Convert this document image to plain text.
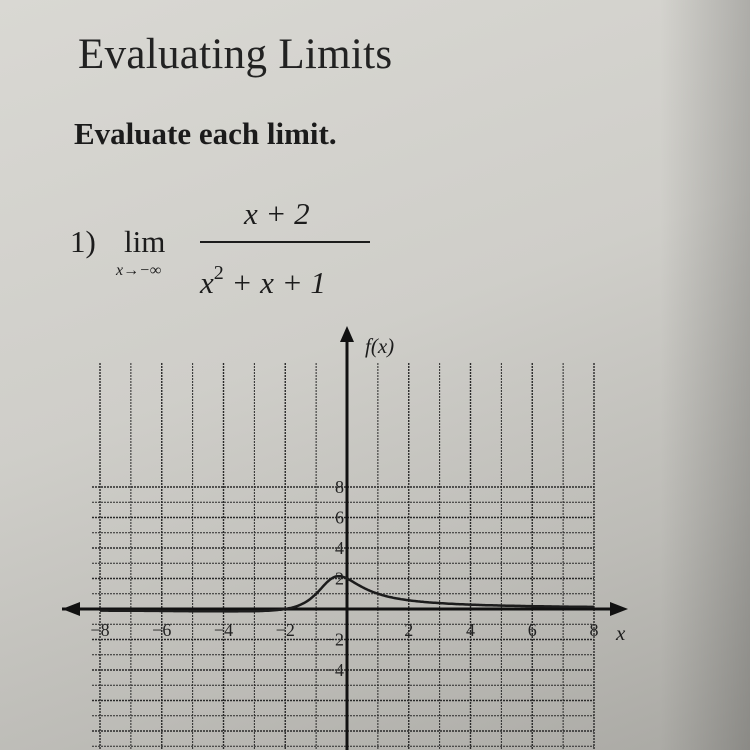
Evaluating Limits
Evaluate each limit.
1) lim
x→−∞
x + 2
$x^2 + x + 1$
f(x)
x
−8 −6 −4 −2	2	4	6	8
8
6
4
2
−2
−4
